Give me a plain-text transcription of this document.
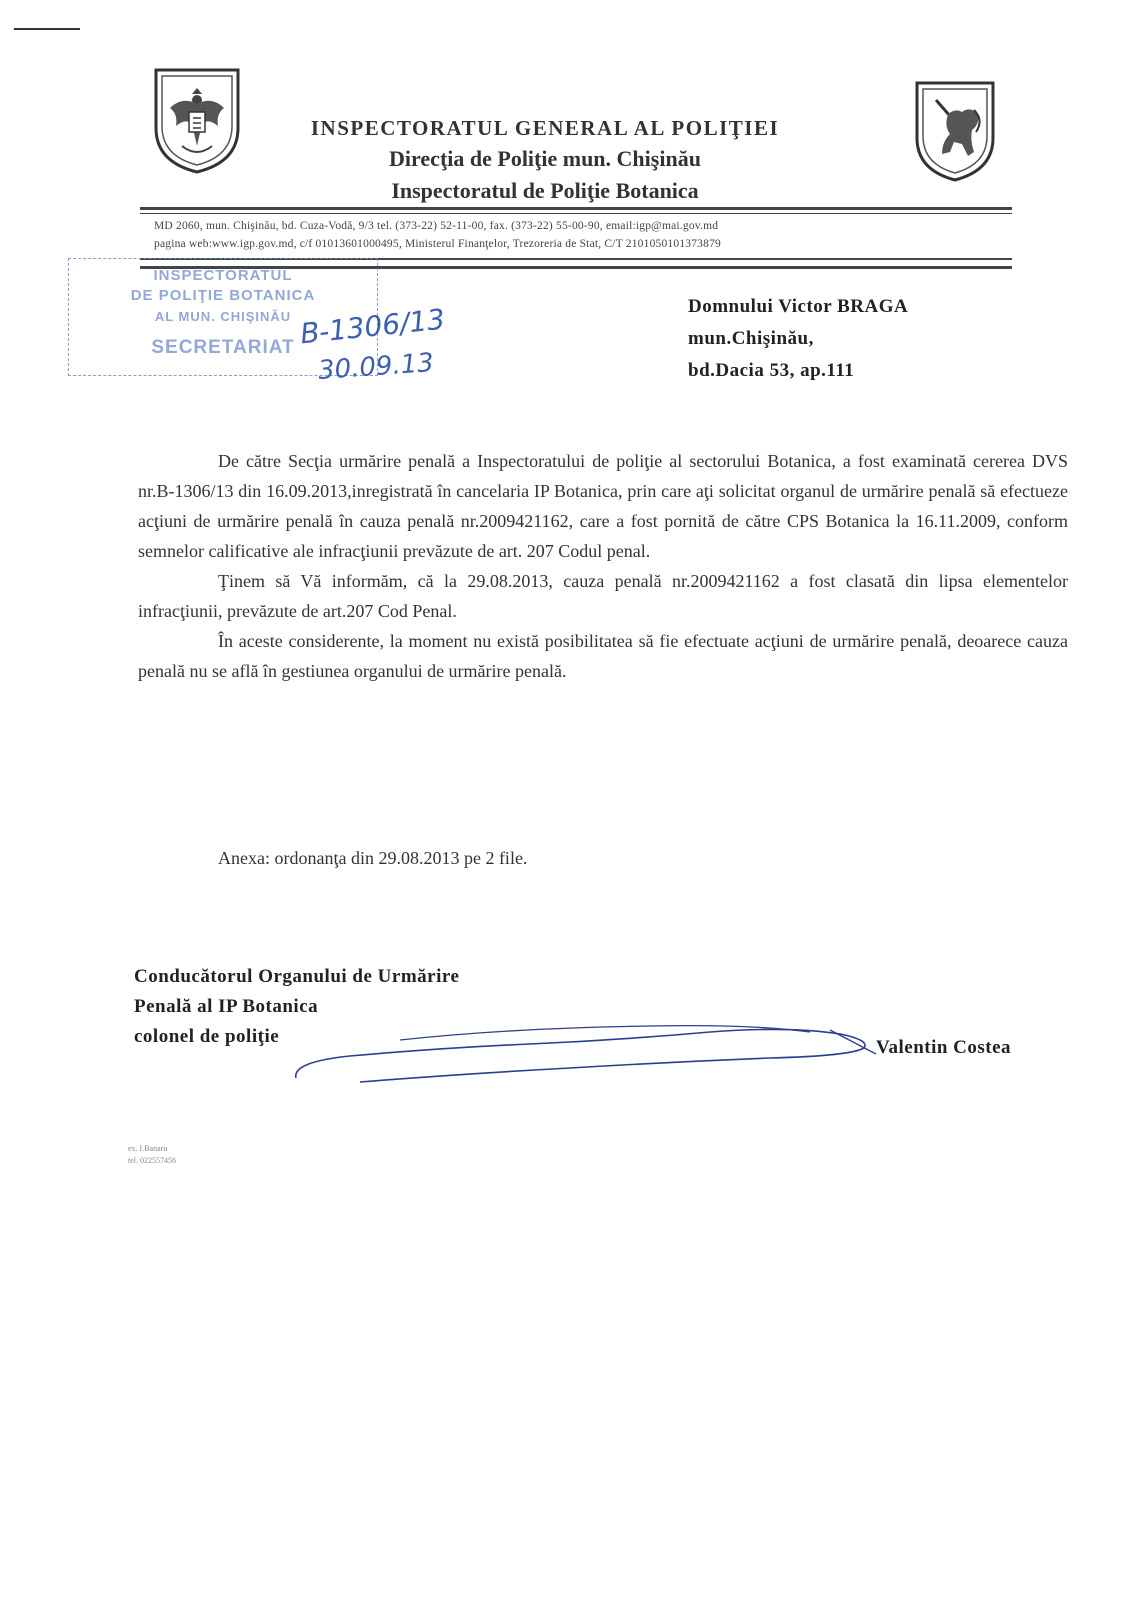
INSPECTORATUL GENERAL AL POLIŢIEI
Direcţia de Poliţie mun. Chişinău
Inspectoratul de Poliţie Botanica
MD 2060, mun. Chişinău, bd. Cuza-Vodă, 9/3 tel. (373-22) 52-11-00, fax. (373-22) 55-00-90, email:igp@mai.gov.md
pagina web:www.igp.gov.md, c/f 01013601000495, Ministerul Finanţelor, Trezoreria de Stat, C/T 2101050101373879
INSPECTORATUL
DE POLIŢIE BOTANICA
AL MUN. CHIŞINĂU
SECRETARIAT B-1306/13
30.09.13
Domnului Victor BRAGA
mun.Chişinău,
bd.Dacia 53, ap.111

De către Secţia urmărire penală a Inspectoratului de poliţie al sectorului Botanica, a fost examinată cererea DVS nr.B-1306/13 din 16.09.2013,inregistrată în cancelaria IP Botanica, prin care aţi solicitat organul de urmărire penală să efectueze acţiuni de urmărire penală în cauza penală nr.2009421162, care a fost pornită de către CPS Botanica la 16.11.2009, conform semnelor calificative ale infracţiunii prevăzute de art. 207 Codul penal.

Ţinem să Vă informăm, că la 29.08.2013, cauza penală nr.2009421162 a fost clasată din lipsa elementelor infracţiunii, prevăzute de art.207 Cod Penal.

În aceste considerente, la moment nu există posibilitatea să fie efectuate acţiuni de urmărire penală, deoarece cauza penală nu se află în gestiunea organului de urmărire penală.

Anexa: ordonanţa din 29.08.2013 pe 2 file.
Conducătorul Organului de Urmărire
Penală al IP Botanica
colonel de poliţie
Valentin Costea
ex. I.Banaru
tel. 022557456
